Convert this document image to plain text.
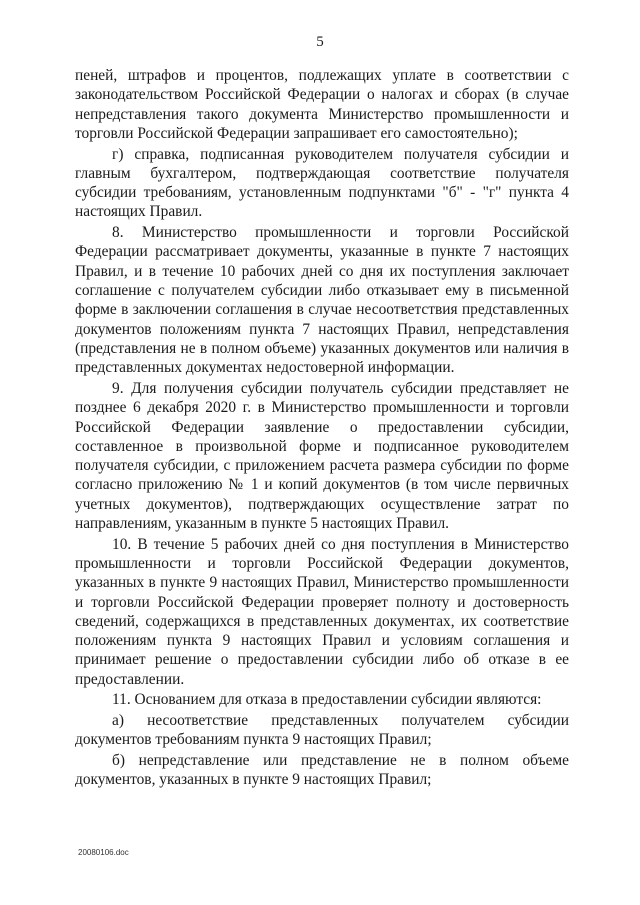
5

пеней, штрафов и процентов, подлежащих уплате в соответствии с законодательством Российской Федерации о налогах и сборах (в случае непредставления такого документа Министерство промышленности и торговли Российской Федерации запрашивает его самостоятельно);

г) справка, подписанная руководителем получателя субсидии и главным бухгалтером, подтверждающая соответствие получателя субсидии требованиям, установленным подпунктами "б" - "г" пункта 4 настоящих Правил.

8. Министерство промышленности и торговли Российской Федерации рассматривает документы, указанные в пункте 7 настоящих Правил, и в течение 10 рабочих дней со дня их поступления заключает соглашение с получателем субсидии либо отказывает ему в письменной форме в заключении соглашения в случае несоответствия представленных документов положениям пункта 7 настоящих Правил, непредставления (представления не в полном объеме) указанных документов или наличия в представленных документах недостоверной информации.

9. Для получения субсидии получатель субсидии представляет не позднее 6 декабря 2020 г. в Министерство промышленности и торговли Российской Федерации заявление о предоставлении субсидии, составленное в произвольной форме и подписанное руководителем получателя субсидии, с приложением расчета размера субсидии по форме согласно приложению № 1 и копий документов (в том числе первичных учетных документов), подтверждающих осуществление затрат по направлениям, указанным в пункте 5 настоящих Правил.

10. В течение 5 рабочих дней со дня поступления в Министерство промышленности и торговли Российской Федерации документов, указанных в пункте 9 настоящих Правил, Министерство промышленности и торговли Российской Федерации проверяет полноту и достоверность сведений, содержащихся в представленных документах, их соответствие положениям пункта 9 настоящих Правил и условиям соглашения и принимает решение о предоставлении субсидии либо об отказе в ее предоставлении.

11. Основанием для отказа в предоставлении субсидии являются:

а) несоответствие представленных получателем субсидии документов требованиям пункта 9 настоящих Правил;

б) непредставление или представление не в полном объеме документов, указанных в пункте 9 настоящих Правил;

20080106.doc
